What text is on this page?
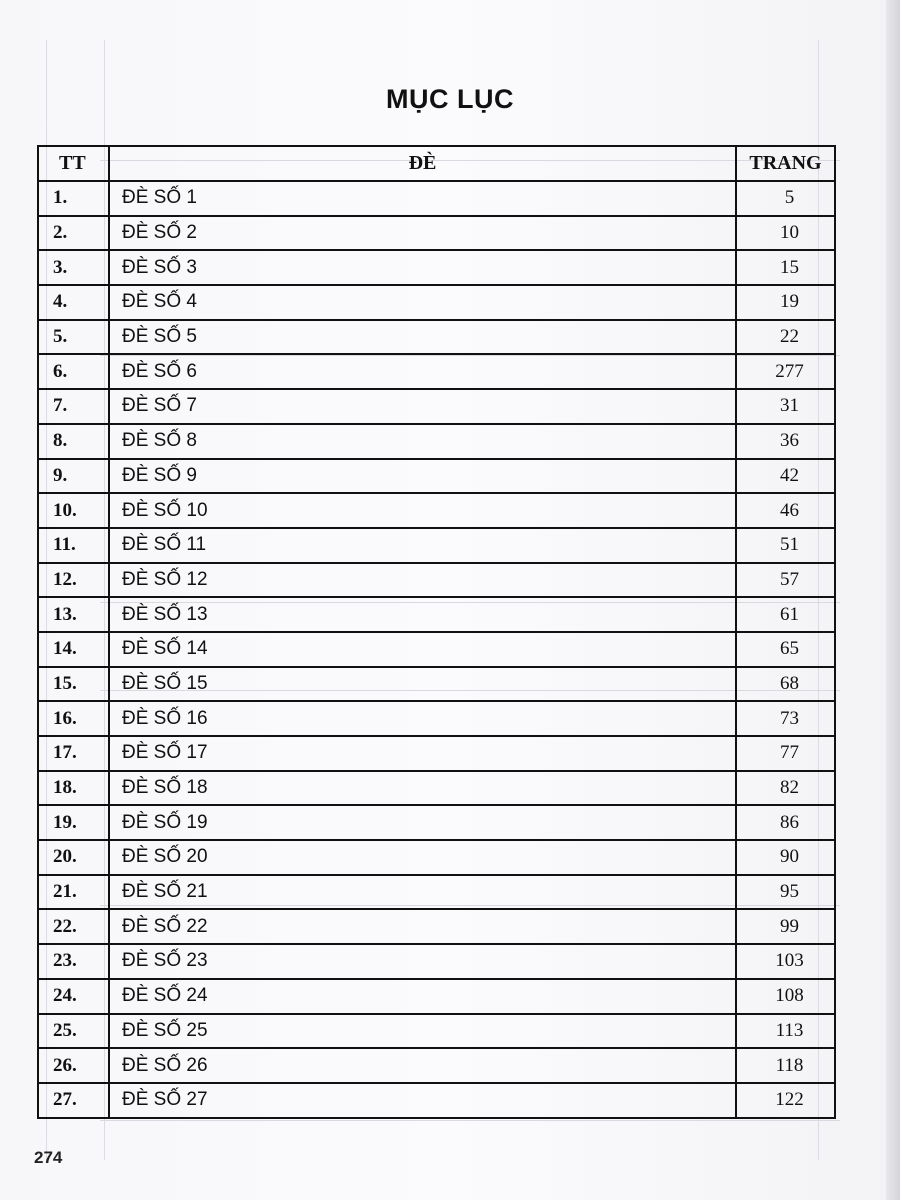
MỤC LỤC
TT	ĐÈ	TRANG
1.	ĐÈ SỐ 1	5
2.	ĐÈ SỐ 2	10
3.	ĐÈ SỐ 3	15
4.	ĐÈ SỐ 4	19
5.	ĐÈ SỐ 5	22
6.	ĐÈ SỐ 6	277
7.	ĐÈ SỐ 7	31
8.	ĐÈ SỐ 8	36
9.	ĐÈ SỐ 9	42
10.	ĐÈ SỐ 10	46
11.	ĐÈ SỐ 11	51
12.	ĐÈ SỐ 12	57
13.	ĐÈ SỐ 13	61
14.	ĐÈ SỐ 14	65
15.	ĐÈ SỐ 15	68
16.	ĐÈ SỐ 16	73
17.	ĐÈ SỐ 17	77
18.	ĐÈ SỐ 18	82
19.	ĐÈ SỐ 19	86
20.	ĐÈ SỐ 20	90
21.	ĐÈ SỐ 21	95
22.	ĐÈ SỐ 22	99
23.	ĐÈ SỐ 23	103
24.	ĐÈ SỐ 24	108
25.	ĐÈ SỐ 25	113
26.	ĐÈ SỐ 26	118
27.	ĐÈ SỐ 27	122
274
